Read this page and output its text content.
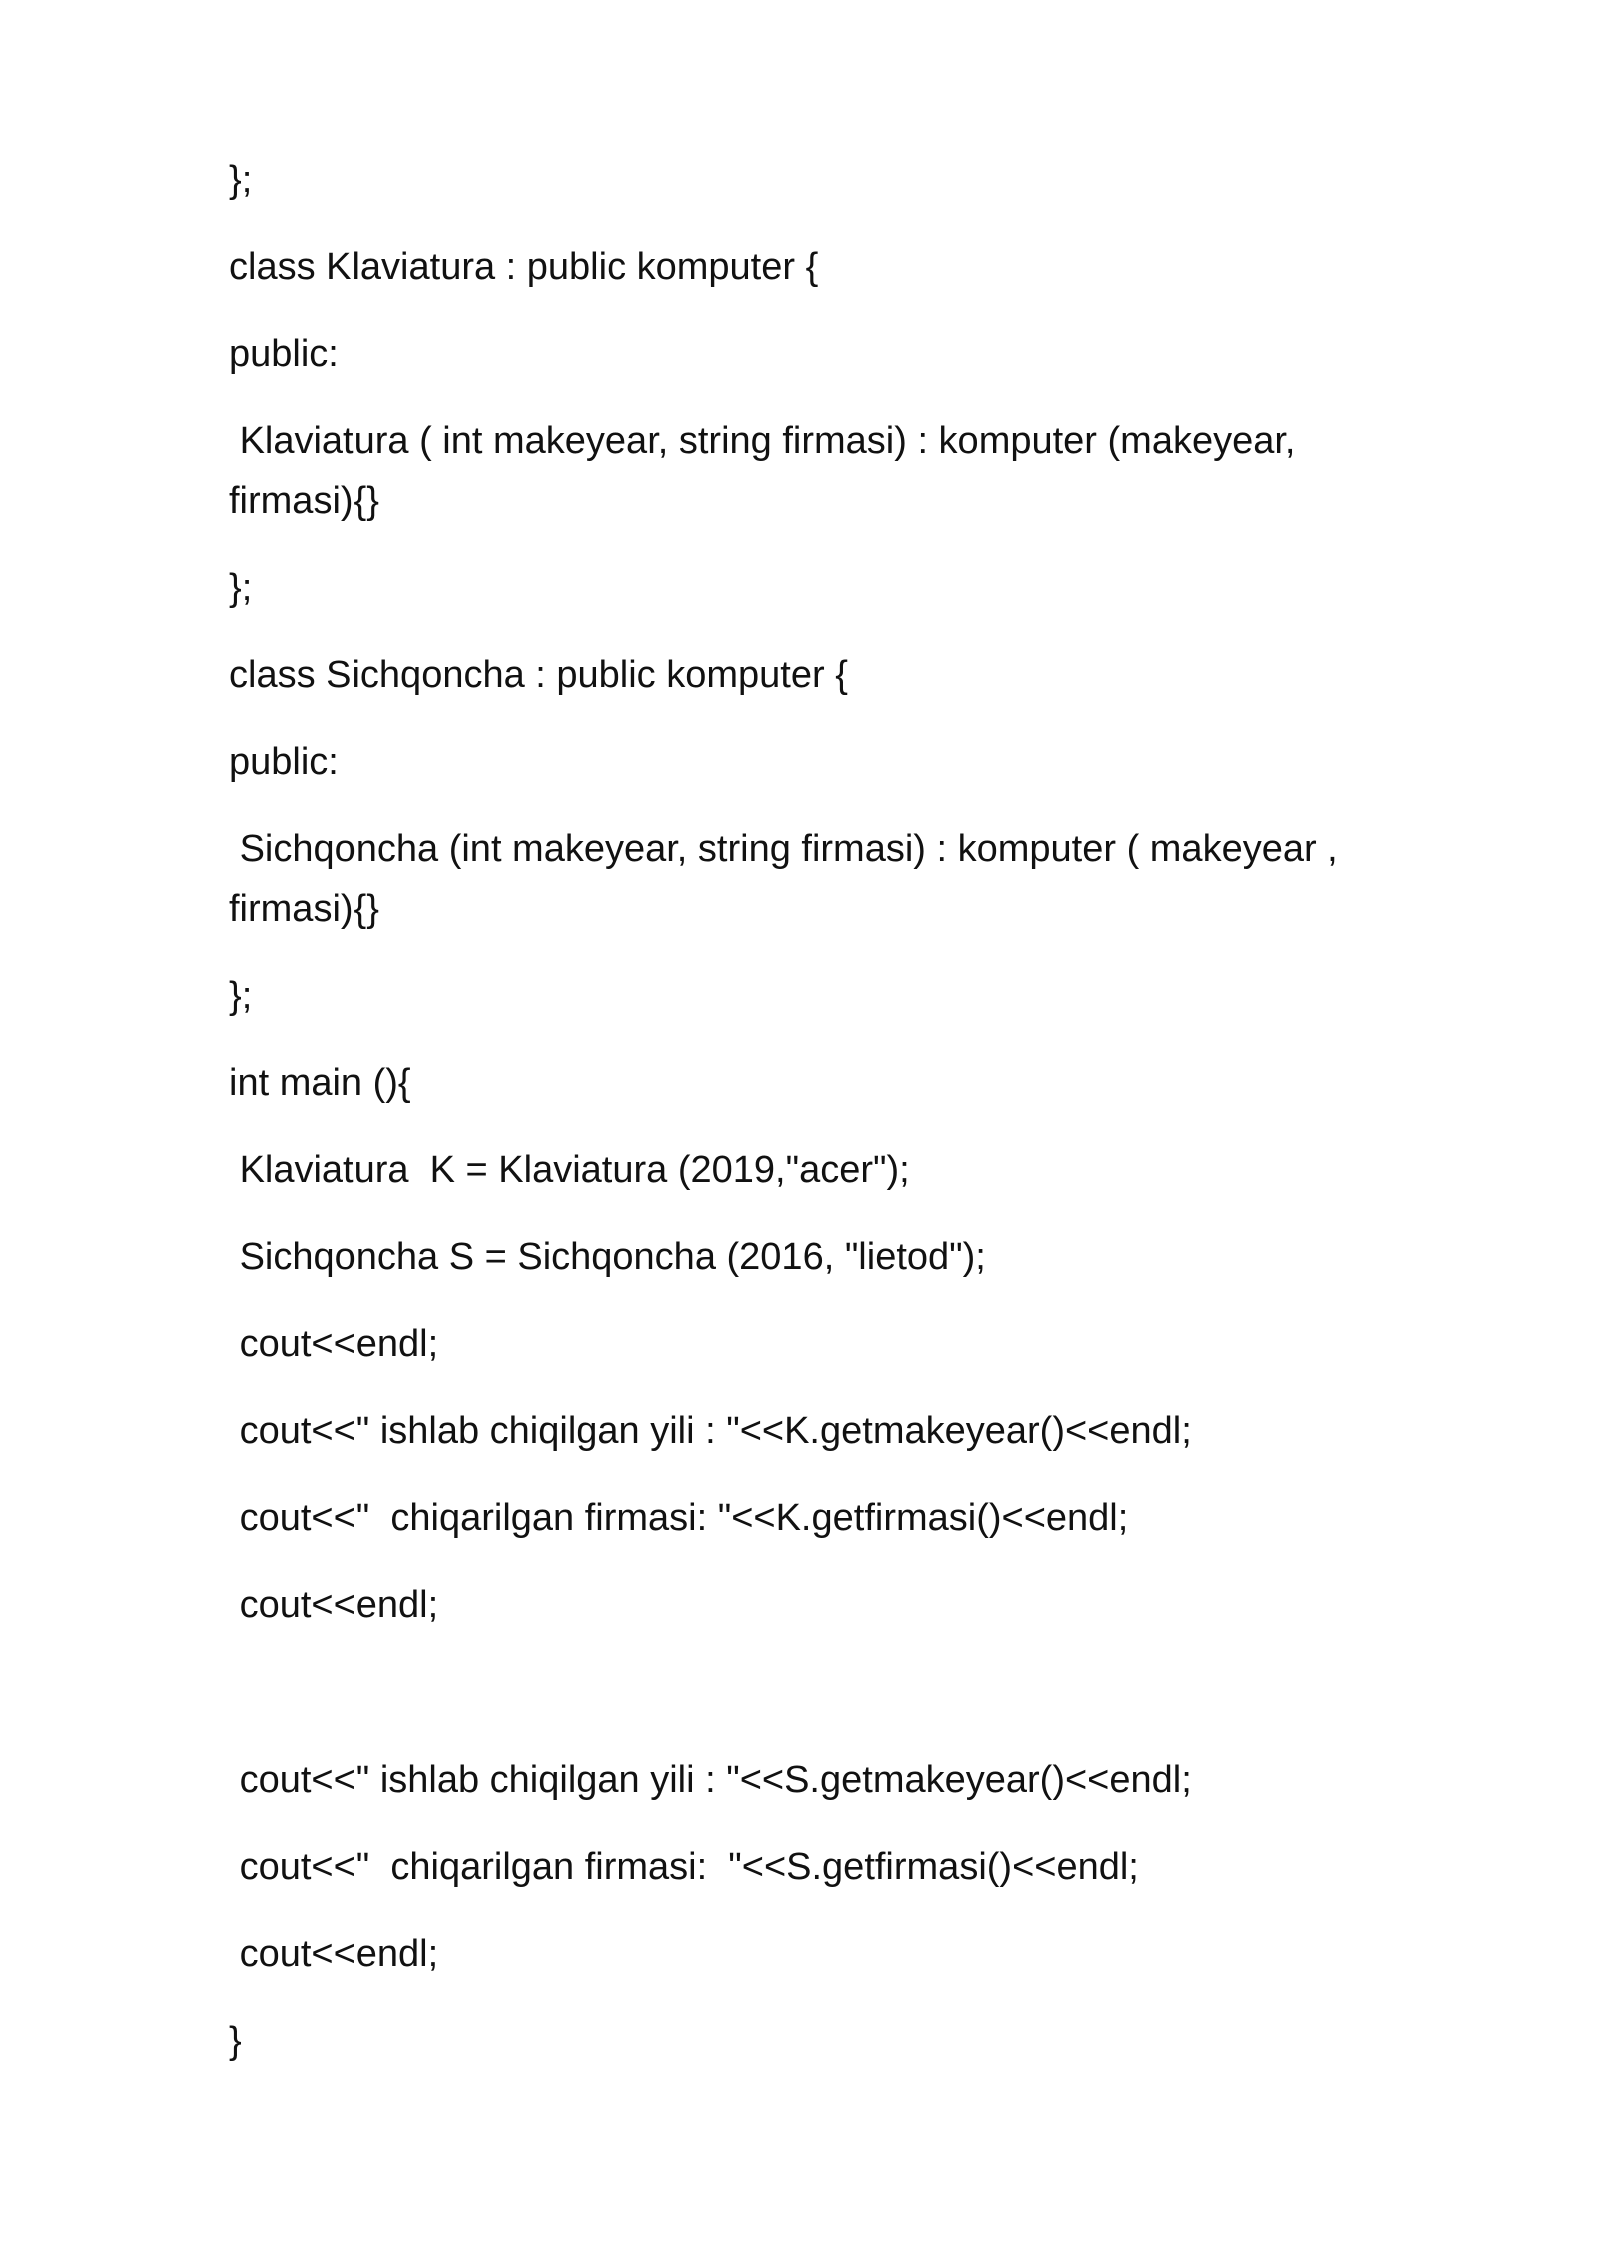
};
class Klaviatura : public komputer {
public:
Klaviatura ( int makeyear, string firmasi) : komputer (makeyear, firmasi){}
};
class Sichqoncha : public komputer {
public:
Sichqoncha (int makeyear, string firmasi) : komputer ( makeyear , firmasi){}
};
int main (){
Klaviatura  K = Klaviatura (2019,"acer");
Sichqoncha S = Sichqoncha (2016, "lietod");
cout<<endl;
cout<<" ishlab chiqilgan yili : "<<K.getmakeyear()<<endl;
cout<<"  chiqarilgan firmasi: "<<K.getfirmasi()<<endl;
cout<<endl;
cout<<" ishlab chiqilgan yili : "<<S.getmakeyear()<<endl;
cout<<"  chiqarilgan firmasi:  "<<S.getfirmasi()<<endl;
cout<<endl;
}
